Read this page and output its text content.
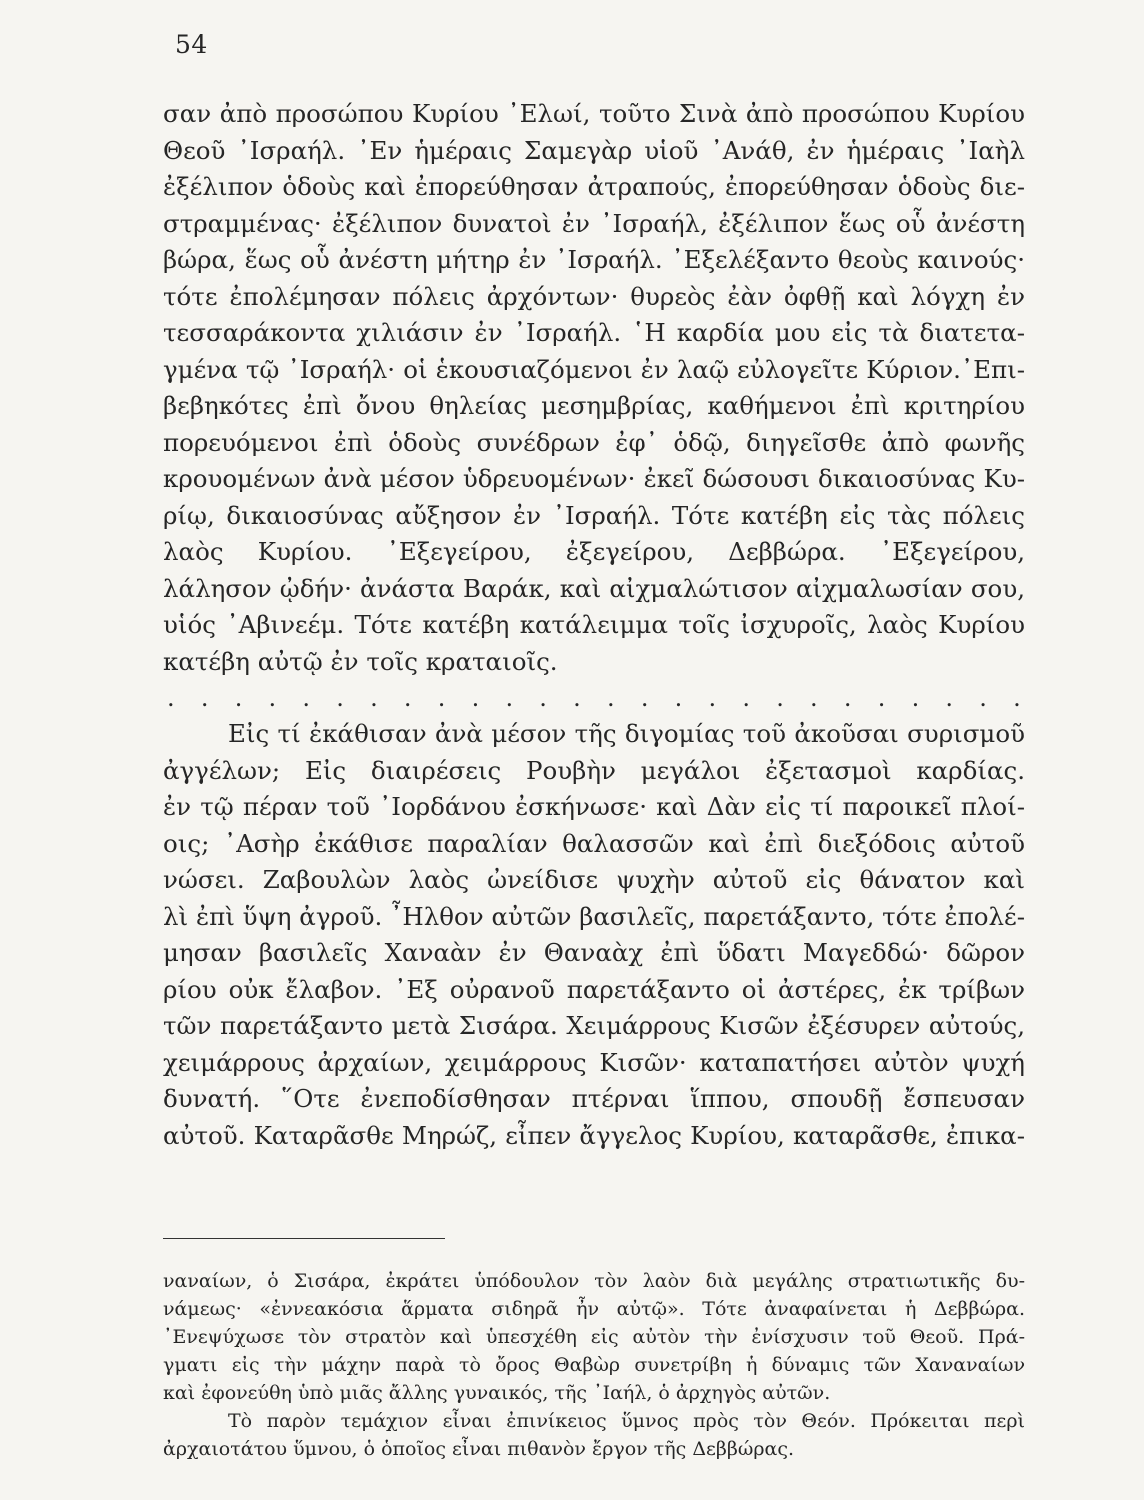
54
σαν ἀπὸ προσώπου Κυρίου ᾿Ελωί, τοῦτο Σινὰ ἀπὸ προσώπου Κυρίου
Θεοῦ ᾿Ισραήλ. ᾿Εν ἡμέραις Σαμεγὰρ υἱοῦ ᾿Ανάθ, ἐν ἡμέραις ᾿Ιαὴλ
ἐξέλιπον ὁδοὺς καὶ ἐπορεύθησαν ἀτραπούς, ἐπορεύθησαν ὁδοὺς διε-
στραμμένας· ἐξέλιπον δυνατοὶ ἐν ᾿Ισραήλ, ἐξέλιπον ἕως οὗ ἀνέστη
βώρα, ἕως οὗ ἀνέστη μήτηρ ἐν ᾿Ισραήλ. ᾿Εξελέξαντο θεοὺς καινούς·
τότε ἐπολέμησαν πόλεις ἀρχόντων· θυρεὸς ἐὰν ὀφθῇ καὶ λόγχη ἐν
τεσσαράκοντα χιλιάσιν ἐν ᾿Ισραήλ. ῾Η καρδία μου εἰς τὰ διατετα-
γμένα τῷ ᾿Ισραήλ· οἱ ἑκουσιαζόμενοι ἐν λαῷ εὐλογεῖτε Κύριον.᾿Επι-
βεβηκότες ἐπὶ ὄνου θηλείας μεσημβρίας, καθήμενοι ἐπὶ κριτηρίου
πορευόμενοι ἐπὶ ὁδοὺς συνέδρων ἐφ᾿ ὁδῷ, διηγεῖσθε ἀπὸ φωνῆς
κρουομένων ἀνὰ μέσον ὑδρευομένων· ἐκεῖ δώσουσι δικαιοσύνας Κυ-
ρίῳ, δικαιοσύνας αὔξησον ἐν ᾿Ισραήλ. Τότε κατέβη εἰς τὰς πόλεις
λαὸς Κυρίου. ᾿Εξεγείρου, ἐξεγείρου, Δεββώρα. ᾿Εξεγείρου,
λάλησον ᾠδήν· ἀνάστα Βαράκ, καὶ αἰχμαλώτισον αἰχμαλωσίαν σου,
υἱός ᾿Αβινεέμ. Τότε κατέβη κατάλειμμα τοῖς ἰσχυροῖς, λαὸς Κυρίου
κατέβη αὐτῷ ἐν τοῖς κραταιοῖς.
. . . . . . . . . . . . . . . . . . . . . . . . . .
Εἰς τί ἐκάθισαν ἀνὰ μέσον τῆς διγομίας τοῦ ἀκοῦσαι συρισμοῦ
ἀγγέλων; Εἰς διαιρέσεις Ρουβὴν μεγάλοι ἐξετασμοὶ καρδίας.
ἐν τῷ πέραν τοῦ ᾿Ιορδάνου ἐσκήνωσε· καὶ Δὰν εἰς τί παροικεῖ πλοί-
οις; ᾿Ασὴρ ἐκάθισε παραλίαν θαλασσῶν καὶ ἐπὶ διεξόδοις αὐτοῦ
νώσει. Ζαβουλὼν λαὸς ὠνείδισε ψυχὴν αὐτοῦ εἰς θάνατον καὶ
λὶ ἐπὶ ὕψη ἀγροῦ. ῏Ηλθον αὐτῶν βασιλεῖς, παρετάξαντο, τότε ἐπολέ-
μησαν βασιλεῖς Χαναὰν ἐν Θαναὰχ ἐπὶ ὕδατι Μαγεδδώ· δῶρον
ρίου οὐκ ἔλαβον. ᾿Εξ οὐρανοῦ παρετάξαντο οἱ ἀστέρες, ἐκ τρίβων
τῶν παρετάξαντο μετὰ Σισάρα. Χειμάρρους Κισῶν ἐξέσυρεν αὐτούς,
χειμάρρους ἀρχαίων, χειμάρρους Κισῶν· καταπατήσει αὐτὸν ψυχή
δυνατή. ῞Οτε ἐνεποδίσθησαν πτέρναι ἵππου, σπουδῇ ἔσπευσαν
αὐτοῦ. Καταρᾶσθε Μηρώζ, εἶπεν ἄγγελος Κυρίου, καταρᾶσθε, ἐπικα-
ναναίων, ὁ Σισάρα, ἐκράτει ὑπόδουλον τὸν λαὸν διὰ μεγάλης στρατιωτικῆς δυ-
νάμεως· «ἐννεακόσια ἅρματα σιδηρᾶ ἦν αὐτῷ». Τότε ἀναφαίνεται ἡ Δεββώρα.
᾿Ενεψύχωσε τὸν στρατὸν καὶ ὑπεσχέθη εἰς αὐτὸν τὴν ἐνίσχυσιν τοῦ Θεοῦ. Πρά-
γματι εἰς τὴν μάχην παρὰ τὸ ὄρος Θαβὼρ συνετρίβη ἡ δύναμις τῶν Χαναναίων
καὶ ἐφονεύθη ὑπὸ μιᾶς ἄλλης γυναικός, τῆς ᾿Ιαήλ, ὁ ἀρχηγὸς αὐτῶν.
Τὸ παρὸν τεμάχιον εἶναι ἐπινίκειος ὕμνος πρὸς τὸν Θεόν. Πρόκειται περὶ
ἀρχαιοτάτου ὕμνου, ὁ ὁποῖος εἶναι πιθανὸν ἔργον τῆς Δεββώρας.
